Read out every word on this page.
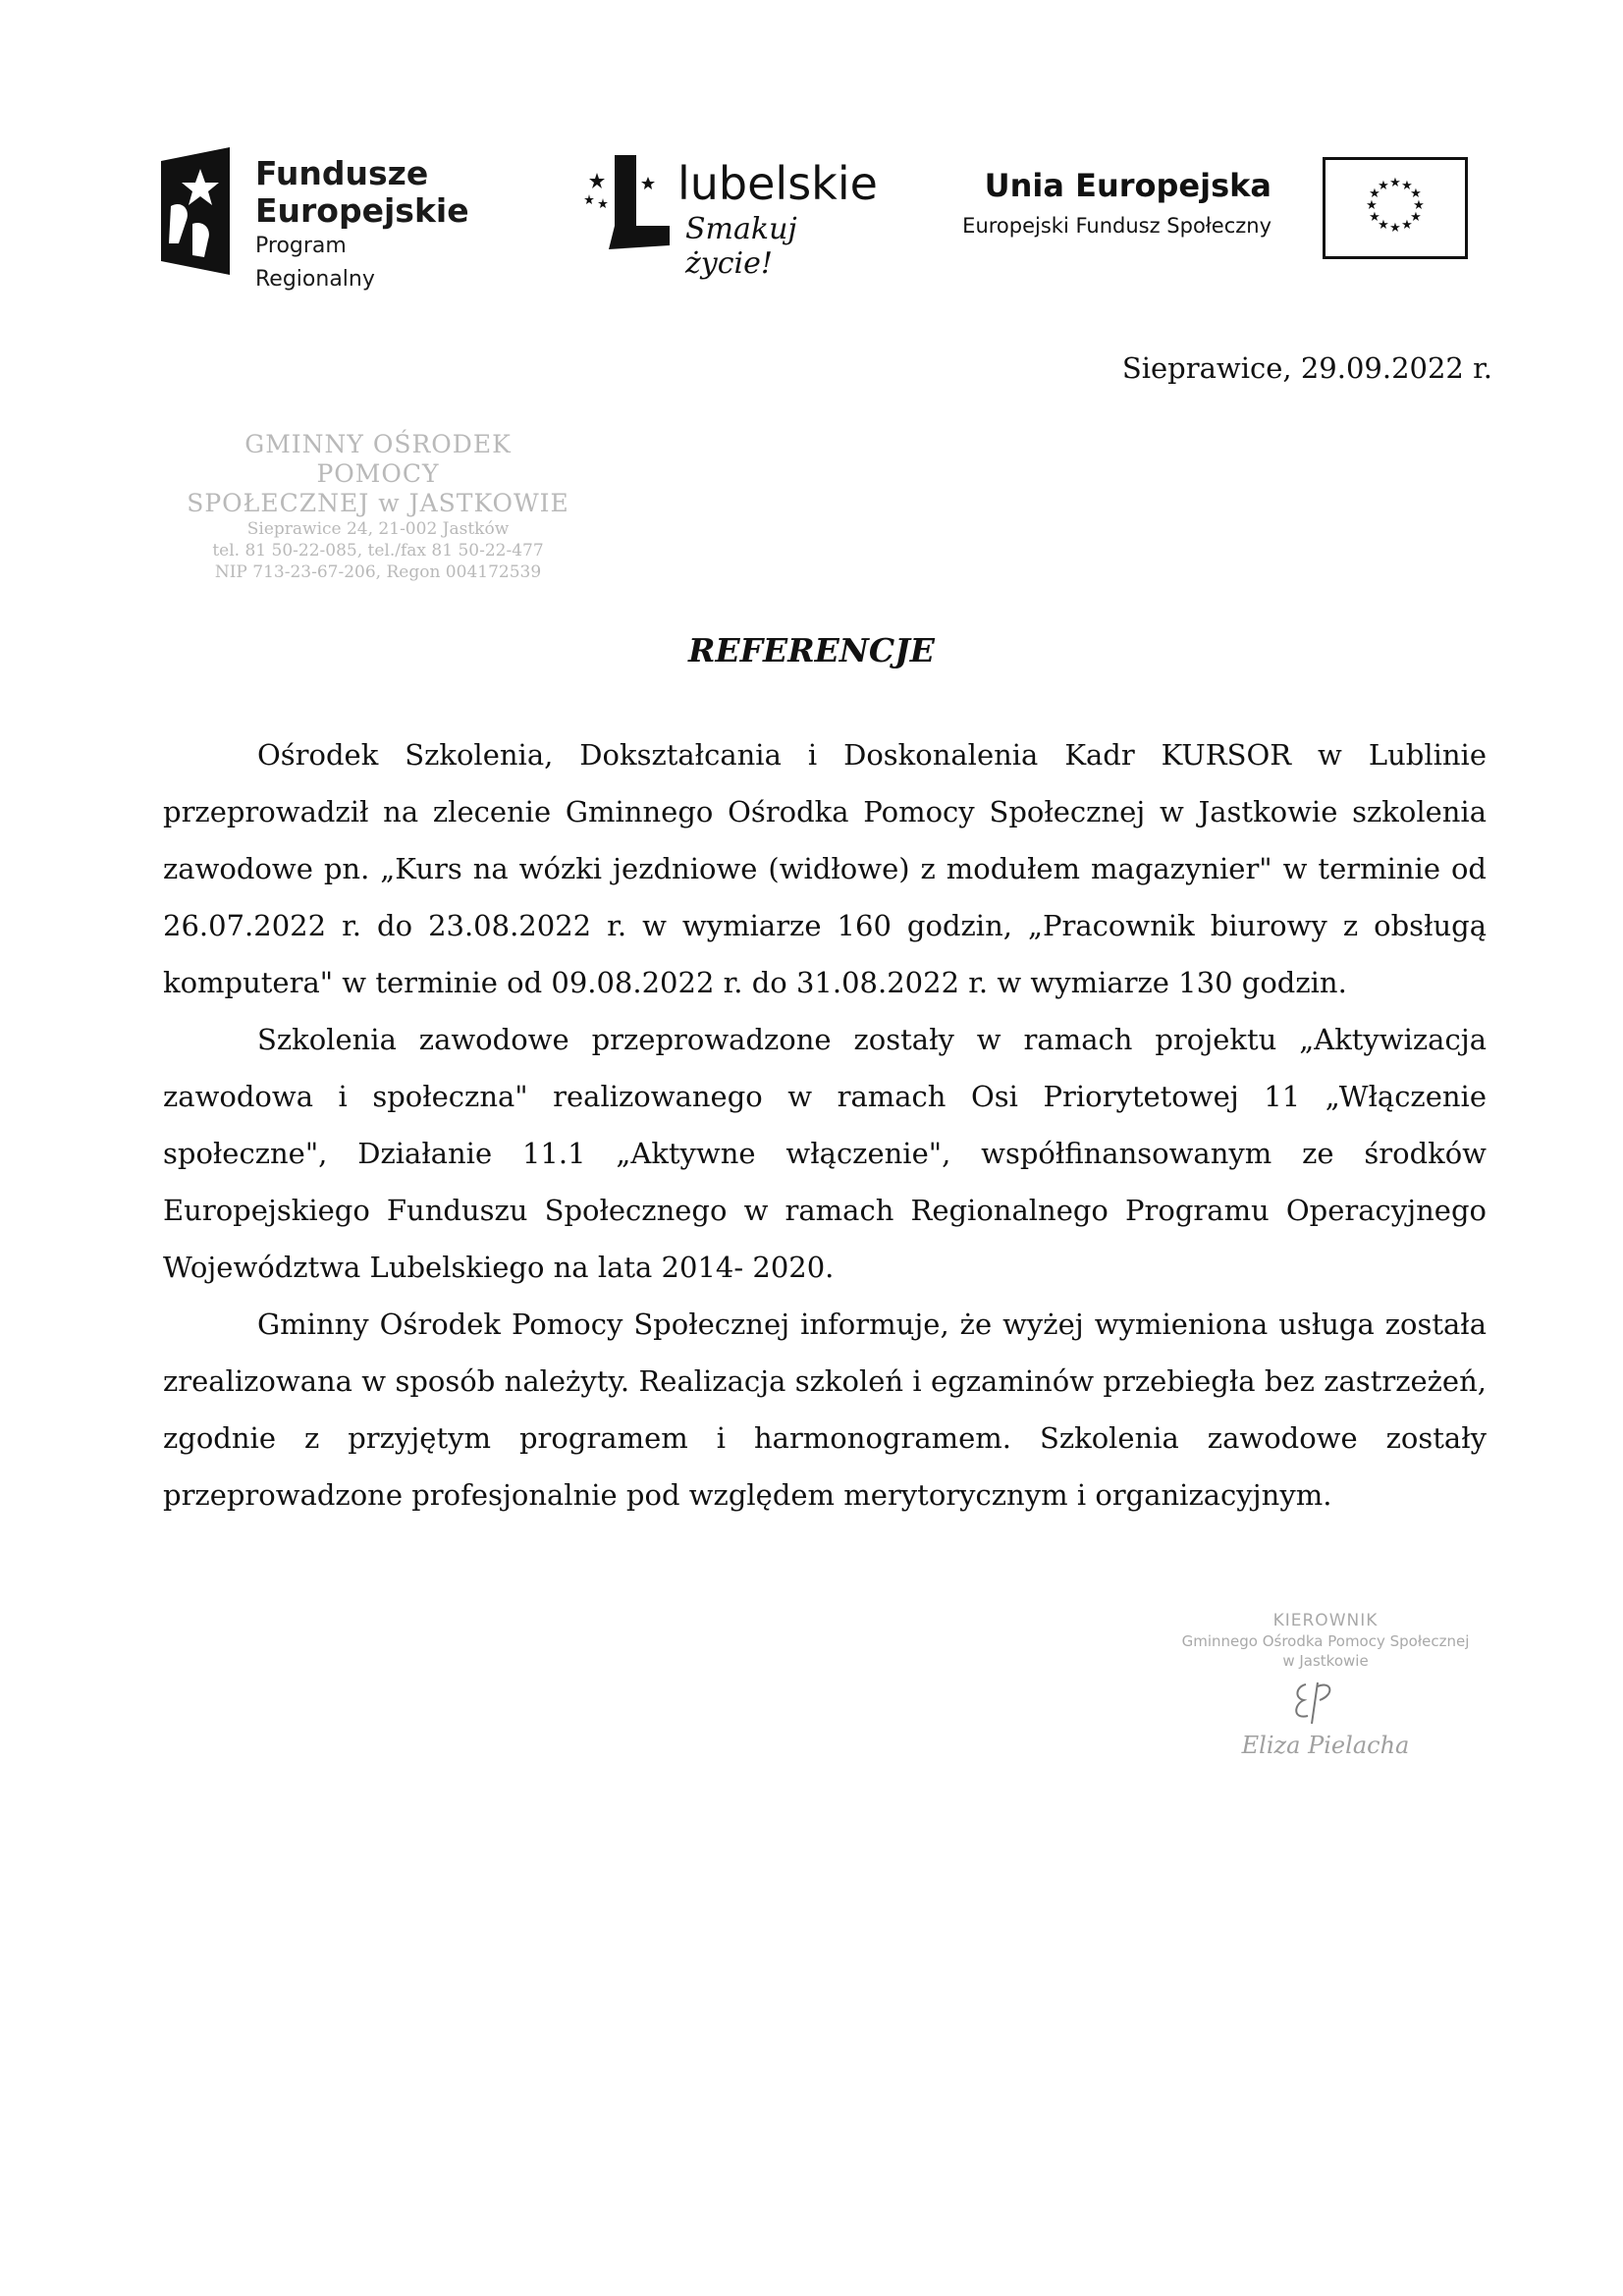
Fundusze
Europejskie
Program Regionalny
lubelskie
Smakuj życie!
Unia Europejska
Europejski Fundusz Społeczny
★ ★
★
★
★
★
★
★
★
★
★
★
Sieprawice, 29.09.2022 r.
GMINNY OŚRODEK POMOCY
SPOŁECZNEJ w JASTKOWIE
Sieprawice 24, 21-002 Jastków
tel. 81 50-22-085, tel./fax 81 50-22-477
NIP 713-23-67-206, Regon 004172539
REFERENCJE

Ośrodek Szkolenia, Dokształcania i Doskonalenia Kadr KURSOR w Lublinie przeprowadził na zlecenie Gminnego Ośrodka Pomocy Społecznej w Jastkowie szkolenia zawodowe pn. „Kurs na wózki jezdniowe (widłowe) z modułem magazynier" w terminie od 26.07.2022 r. do 23.08.2022 r. w wymiarze 160 godzin, „Pracownik biurowy z obsługą komputera" w terminie od 09.08.2022 r. do 31.08.2022 r. w wymiarze 130 godzin.

Szkolenia zawodowe przeprowadzone zostały w ramach projektu „Aktywizacja zawodowa i społeczna" realizowanego w ramach Osi Priorytetowej 11 „Włączenie społeczne", Działanie 11.1 „Aktywne włączenie", współfinansowanym ze środków Europejskiego Funduszu Społecznego w ramach Regionalnego Programu Operacyjnego Województwa Lubelskiego na lata 2014- 2020.

Gminny Ośrodek Pomocy Społecznej informuje, że wyżej wymieniona usługa została zrealizowana w sposób należyty. Realizacja szkoleń i egzaminów przebiegła bez zastrzeżeń, zgodnie z przyjętym programem i harmonogramem. Szkolenia zawodowe zostały przeprowadzone profesjonalnie pod względem merytorycznym i organizacyjnym.

KIEROWNIK
Gminnego Ośrodka Pomocy Społecznej
w Jastkowie
Eliza Pielacha
